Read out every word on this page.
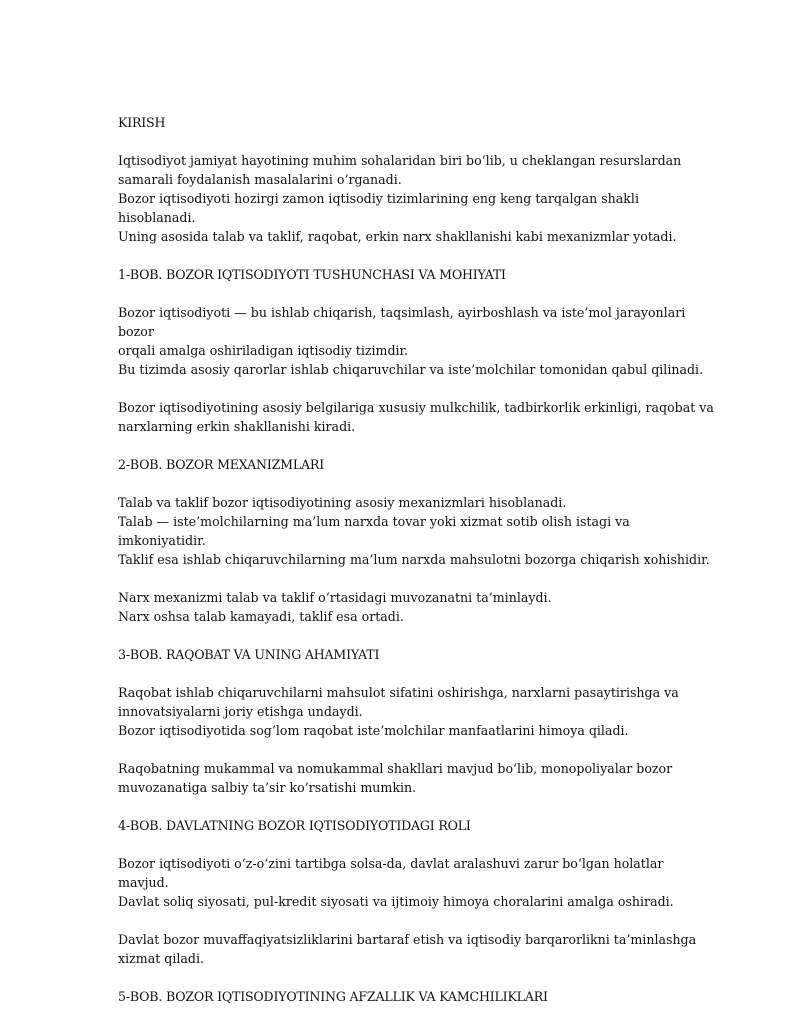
KIRISH

Iqtisodiyot jamiyat hayotining muhim sohalaridan biri bo‘lib, u cheklangan resurslardan
samarali foydalanish masalalarini o‘rganadi.
Bozor iqtisodiyoti hozirgi zamon iqtisodiy tizimlarining eng keng tarqalgan shakli hisoblanadi.
Uning asosida talab va taklif, raqobat, erkin narx shakllanishi kabi mexanizmlar yotadi.

1-BOB. BOZOR IQTISODIYOTI TUSHUNCHASI VA MOHIYATI

Bozor iqtisodiyoti — bu ishlab chiqarish, taqsimlash, ayirboshlash va iste’mol jarayonlari bozor
orqali amalga oshiriladigan iqtisodiy tizimdir.
Bu tizimda asosiy qarorlar ishlab chiqaruvchilar va iste’molchilar tomonidan qabul qilinadi.

Bozor iqtisodiyotining asosiy belgilariga xususiy mulkchilik, tadbirkorlik erkinligi, raqobat va
narxlarning erkin shakllanishi kiradi.

2-BOB. BOZOR MEXANIZMLARI

Talab va taklif bozor iqtisodiyotining asosiy mexanizmlari hisoblanadi.
Talab — iste’molchilarning ma’lum narxda tovar yoki xizmat sotib olish istagi va imkoniyatidir.
Taklif esa ishlab chiqaruvchilarning ma’lum narxda mahsulotni bozorga chiqarish xohishidir.

Narx mexanizmi talab va taklif o‘rtasidagi muvozanatni ta’minlaydi.
Narx oshsa talab kamayadi, taklif esa ortadi.

3-BOB. RAQOBAT VA UNING AHAMIYATI

Raqobat ishlab chiqaruvchilarni mahsulot sifatini oshirishga, narxlarni pasaytirishga va
innovatsiyalarni joriy etishga undaydi.
Bozor iqtisodiyotida sog‘lom raqobat iste’molchilar manfaatlarini himoya qiladi.

Raqobatning mukammal va nomukammal shakllari mavjud bo‘lib, monopoliyalar bozor
muvozanatiga salbiy ta’sir ko‘rsatishi mumkin.

4-BOB. DAVLATNING BOZOR IQTISODIYOTIDAGI ROLI

Bozor iqtisodiyoti o‘z-o‘zini tartibga solsa-da, davlat aralashuvi zarur bo‘lgan holatlar mavjud.
Davlat soliq siyosati, pul-kredit siyosati va ijtimoiy himoya choralarini amalga oshiradi.

Davlat bozor muvaffaqiyatsizliklarini bartaraf etish va iqtisodiy barqarorlikni ta’minlashga
xizmat qiladi.

5-BOB. BOZOR IQTISODIYOTINING AFZALLIK VA KAMCHILIKLARI
